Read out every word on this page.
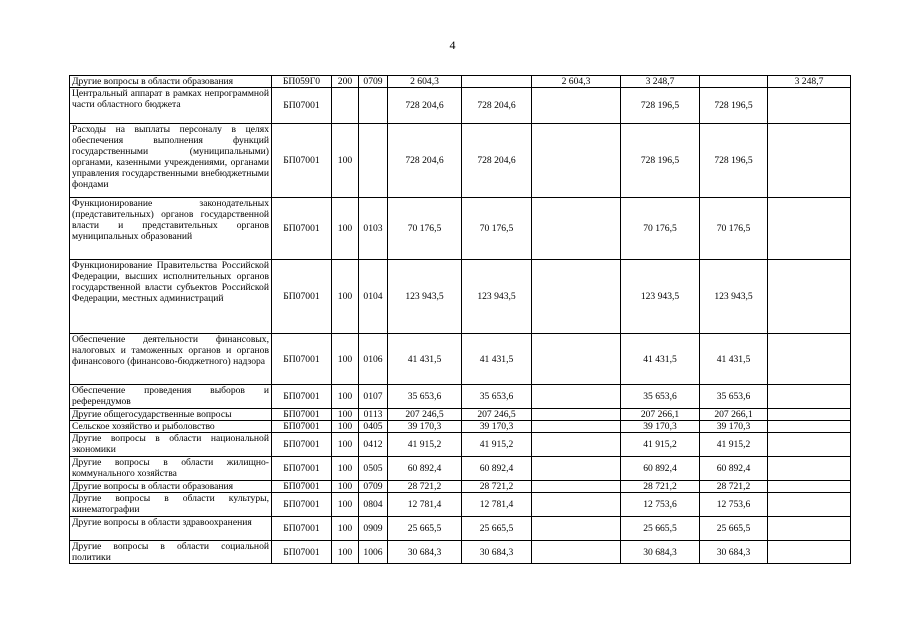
4
Другие вопросы в области образования	БП059Г0	200	0709	2 604,3		2 604,3	3 248,7		3 248,7
Центральный аппарат в рамках непрограммной части областного бюджета	БП07001			728 204,6	728 204,6		728 196,5	728 196,5	
Расходы на выплаты персоналу в целях обеспечения выполнения функций государственными (муниципальными) органами, казенными учреждениями, органами управления государственными внебюджетными фондами	БП07001	100		728 204,6	728 204,6		728 196,5	728 196,5	
Функционирование законодательных (представительных) органов государственной власти и представительных органов муниципальных образований	БП07001	100	0103	70 176,5	70 176,5		70 176,5	70 176,5	
Функционирование Правительства Российской Федерации, высших исполнительных органов государственной власти субъектов Российской Федерации, местных администраций	БП07001	100	0104	123 943,5	123 943,5		123 943,5	123 943,5	
Обеспечение деятельности финансовых, налоговых и таможенных органов и органов финансового (финансово-бюджетного) надзора	БП07001	100	0106	41 431,5	41 431,5		41 431,5	41 431,5	
Обеспечение проведения выборов и референдумов	БП07001	100	0107	35 653,6	35 653,6		35 653,6	35 653,6	
Другие общегосударственные вопросы	БП07001	100	0113	207 246,5	207 246,5		207 266,1	207 266,1	
Сельское хозяйство и рыболовство	БП07001	100	0405	39 170,3	39 170,3		39 170,3	39 170,3	
Другие вопросы в области национальной экономики	БП07001	100	0412	41 915,2	41 915,2		41 915,2	41 915,2	
Другие вопросы в области жилищно-коммунального хозяйства	БП07001	100	0505	60 892,4	60 892,4		60 892,4	60 892,4	
Другие вопросы в области образования	БП07001	100	0709	28 721,2	28 721,2		28 721,2	28 721,2	
Другие вопросы в области культуры, кинематографии	БП07001	100	0804	12 781,4	12 781,4		12 753,6	12 753,6	
Другие вопросы в области здравоохранения	БП07001	100	0909	25 665,5	25 665,5		25 665,5	25 665,5	
Другие вопросы в области социальной политики	БП07001	100	1006	30 684,3	30 684,3		30 684,3	30 684,3	
